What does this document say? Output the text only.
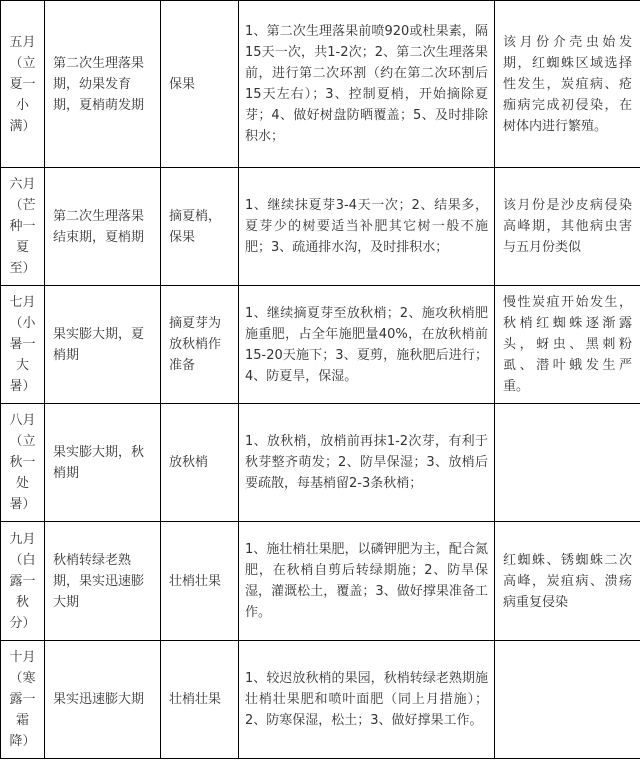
五月
（立
夏一
小
满）	第二次生理落果期，幼果发育期，夏梢萌发期	保果	1、第二次生理落果前喷920或杜果素，隔15天一次，共1-2次；2、第二次生理落果前，进行第二次环割（约在第二次环割后15天左右）；3、控制夏梢，开始摘除夏芽；4、做好树盘防晒覆盖；5、及时排除积水；	该月份介壳虫始发期，红蜘蛛区域选择性发生，炭疽病、疮痂病完成初侵染，在树体内进行繁殖。
六月
（芒
种一
夏
至）	第二次生理落果结束期，夏梢期	摘夏梢，保果	1、继续抹夏芽3-4天一次；2、结果多，夏芽少的树要适当补肥其它树一般不施肥；3、疏通排水沟，及时排积水；	该月份是沙皮病侵染高峰期，其他病虫害与五月份类似
七月
（小
暑一
大
暑）	果实膨大期，夏梢期	摘夏芽为放秋梢作准备	1、继续摘夏芽至放秋梢；2、施攻秋梢肥施重肥，占全年施肥量40%，在放秋梢前15-20天施下；3、夏剪，施秋肥后进行；4、防夏旱，保湿。	慢性炭疽开始发生，秋梢红蜘蛛逐渐露头，蚜虫、黑刺粉虱、潜叶蛾发生严重。
八月
（立
秋一
处
暑）	果实膨大期，秋梢期	放秋梢	1、放秋梢，放梢前再抹1-2次芽，有利于秋芽整齐萌发；2、防旱保湿；3、放梢后要疏散，每基梢留2-3条秋梢；	
九月
（白
露一
秋
分）	秋梢转绿老熟期，果实迅速膨大期	壮梢壮果	1、施壮梢壮果肥，以磷钾肥为主，配合氮肥，在秋梢自剪后转绿期施；2、防旱保湿，灌溉松土，覆盖；3、做好撑果准备工作。	红蜘蛛、锈蜘蛛二次高峰，炭疽病、溃疡病重复侵染
十月
（寒
露一
霜
降）	果实迅速膨大期	壮梢壮果	1、较迟放秋梢的果园，秋梢转绿老熟期施壮梢壮果肥和喷叶面肥（同上月措施）；2、防寒保湿，松土；3、做好撑果工作。	
